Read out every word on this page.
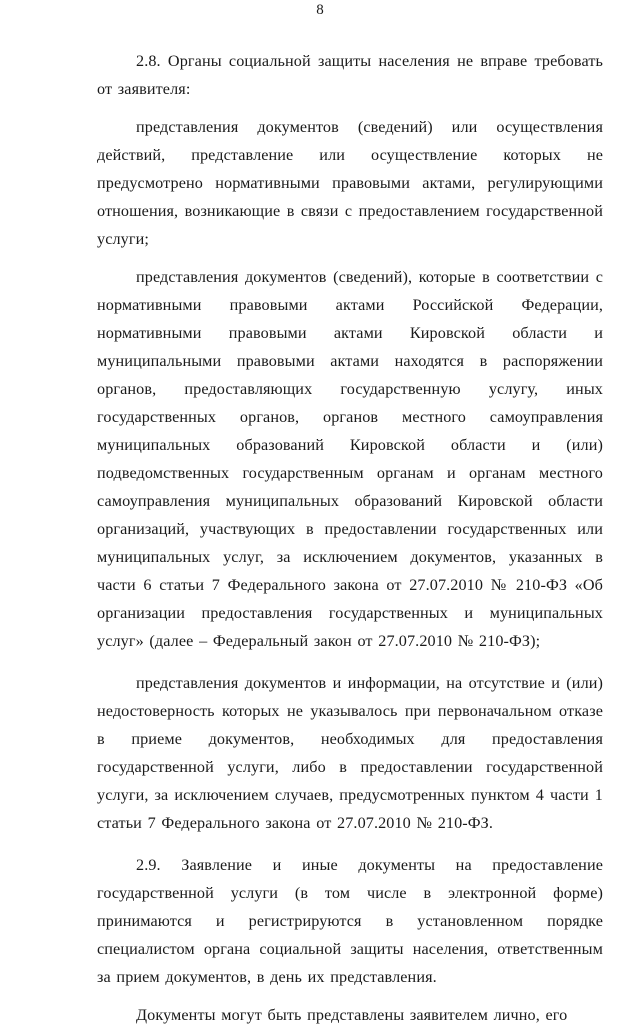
8

2.8. Органы социальной защиты населения не вправе требовать от заявителя:

представления документов (сведений) или осуществления действий, представление или осуществление которых не предусмотрено нормативными правовыми актами, регулирующими отношения, возникающие в связи с предоставлением государственной услуги;

представления документов (сведений), которые в соответствии с нормативными правовыми актами Российской Федерации, нормативными правовыми актами Кировской области и муниципальными правовыми актами находятся в распоряжении органов, предоставляющих государственную услугу, иных государственных органов, органов местного самоуправления муниципальных образований Кировской области и (или) подведомственных государственным органам и органам местного самоуправления муниципальных образований Кировской области организаций, участвующих в предоставлении государственных или муниципальных услуг, за исключением документов, указанных в части 6 статьи 7 Федерального закона от 27.07.2010 № 210-ФЗ «Об организации предоставления государственных и муниципальных услуг» (далее – Федеральный закон от 27.07.2010 № 210-ФЗ);

представления документов и информации, на отсутствие и (или) недостоверность которых не указывалось при первоначальном отказе в приеме документов, необходимых для предоставления государственной услуги, либо в предоставлении государственной услуги, за исключением случаев, предусмотренных пунктом 4 части 1 статьи 7 Федерального закона от 27.07.2010 № 210-ФЗ.

2.9. Заявление и иные документы на предоставление государственной услуги (в том числе в электронной форме) принимаются и регистрируются в установленном порядке специалистом органа социальной защиты населения, ответственным за прием документов, в день их представления.

Документы могут быть представлены заявителем лично, его
